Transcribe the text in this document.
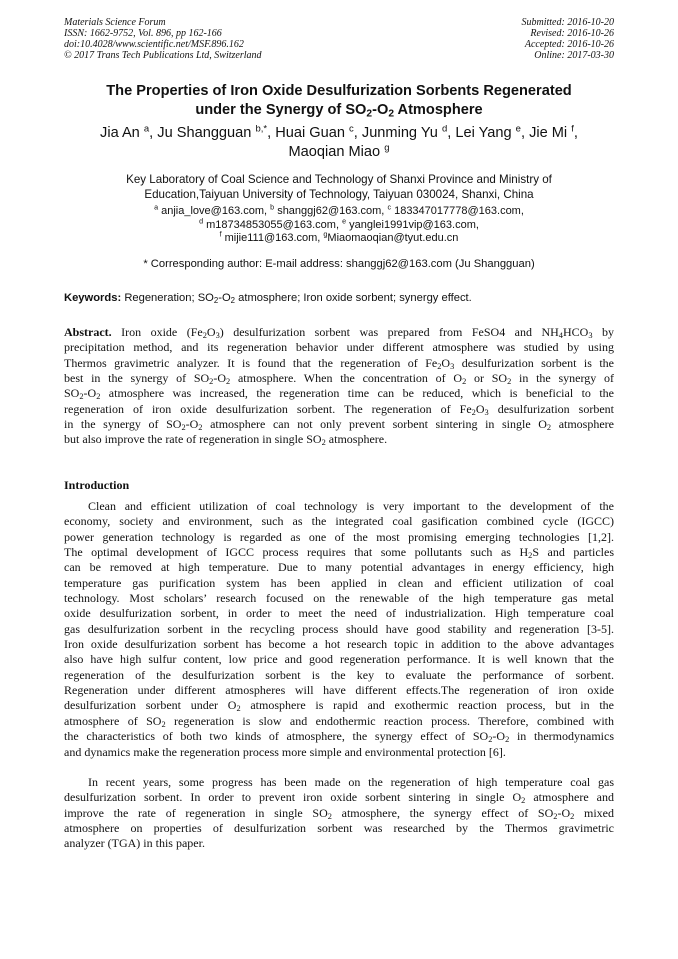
Materials Science Forum
ISSN: 1662-9752, Vol. 896, pp 162-166
doi:10.4028/www.scientific.net/MSF.896.162
© 2017 Trans Tech Publications Ltd, Switzerland
Submitted: 2016-10-20
Revised: 2016-10-26
Accepted: 2016-10-26
Online: 2017-03-30
The Properties of Iron Oxide Desulfurization Sorbents Regenerated
under the Synergy of $SO_2-O_2$ Atmosphere
Jia An $^a$, Ju Shangguan $^{b,*}$, Huai Guan $^c$, Junming Yu $^d$, Lei Yang $^e$, Jie Mi $^f$,
Maoqian Miao $^g$
Key Laboratory of Coal Science and Technology of Shanxi Province and Ministry of
Education,Taiyuan University of Technology, Taiyuan 030024, Shanxi, China
$^a$ anjia_love@163.com, $^b$ shanggj62@163.com, $^c$ 183347017778@163.com,
$^d$ m18734853055@163.com, $^e$ yanglei1991vip@163.com,
$^f$ mijie111@163.com, $^g$Miaomaoqian@tyut.edu.cn
* Corresponding author: E-mail address: shanggj62@163.com (Ju Shangguan)
Keywords: Regeneration; $SO_2-O_2$ atmosphere; Iron oxide sorbent; synergy effect.
Abstract. Iron oxide $(Fe_2O_3)$ desulfurization sorbent was prepared from FeSO4 and $NH_4HCO_3$ by
precipitation method, and its regeneration behavior under different atmosphere was studied by using
Thermos gravimetric analyzer. It is found that the regeneration of $Fe_2O_3$ desulfurization sorbent is the
best in the synergy of $SO_2-O_2$ atmosphere. When the concentration of $O_2$ or $SO_2$ in the synergy of
$SO_2-O_2$ atmosphere was increased, the regeneration time can be reduced, which is beneficial to the
regeneration of iron oxide desulfurization sorbent. The regeneration of $Fe_2O_3$ desulfurization sorbent
in the synergy of $SO_2-O_2$ atmosphere can not only prevent sorbent sintering in single $O_2$ atmosphere
but also improve the rate of regeneration in single $SO_2$ atmosphere.
Introduction
Clean and efficient utilization of coal technology is very important to the development of the
economy, society and environment, such as the integrated coal gasification combined cycle (IGCC)
power generation technology is regarded as one of the most promising emerging technologies [1,2].
The optimal development of IGCC process requires that some pollutants such as $H_2S$ and particles
can be removed at high temperature. Due to many potential advantages in energy efficiency, high
temperature gas purification system has been applied in clean and efficient utilization of coal
technology. Most scholars’ research focused on the renewable of the high temperature gas metal
oxide desulfurization sorbent, in order to meet the need of industrialization. High temperature coal
gas desulfurization sorbent in the recycling process should have good stability and regeneration [3-5].
Iron oxide desulfurization sorbent has become a hot research topic in addition to the above advantages
also have high sulfur content, low price and good regeneration performance. It is well known that the
regeneration of the desulfurization sorbent is the key to evaluate the performance of sorbent.
Regeneration under different atmospheres will have different effects.The regeneration of iron oxide
desulfurization sorbent under $O_2$ atmosphere is rapid and exothermic reaction process, but in the
atmosphere of $SO_2$ regeneration is slow and endothermic reaction process. Therefore, combined with
the characteristics of both two kinds of atmosphere, the synergy effect of $SO_2-O_2$ in thermodynamics
and dynamics make the regeneration process more simple and environmental protection [6].
In recent years, some progress has been made on the regeneration of high temperature coal gas
desulfurization sorbent. In order to prevent iron oxide sorbent sintering in single $O_2$ atmosphere and
improve the rate of regeneration in single $SO_2$ atmosphere, the synergy effect of $SO_2-O_2$ mixed
atmosphere on properties of desulfurization sorbent was researched by the Thermos gravimetric
analyzer (TGA) in this paper.
